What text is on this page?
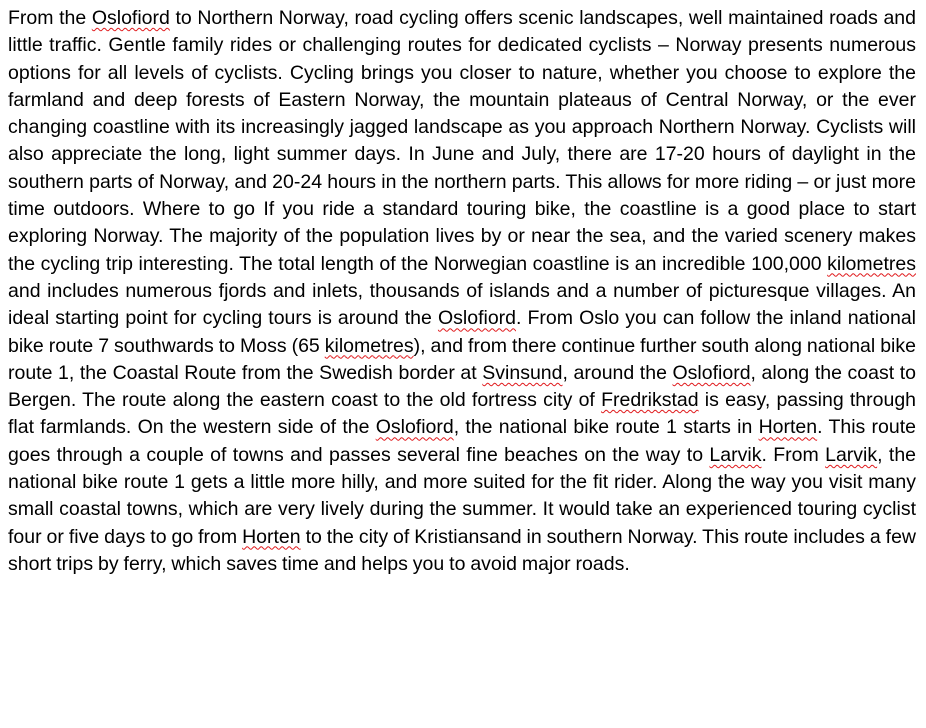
From the Oslofiord to Northern Norway, road cycling offers scenic landscapes, well maintained roads and little traffic. Gentle family rides or challenging routes for dedicated cyclists – Norway presents numerous options for all levels of cyclists. Cycling brings you closer to nature, whether you choose to explore the farmland and deep forests of Eastern Norway, the mountain plateaus of Central Norway, or the ever changing coastline with its increasingly jagged landscape as you approach Northern Norway. Cyclists will also appreciate the long, light summer days. In June and July, there are 17-20 hours of daylight in the southern parts of Norway, and 20-24 hours in the northern parts. This allows for more riding – or just more time outdoors. Where to go If you ride a standard touring bike, the coastline is a good place to start exploring Norway. The majority of the population lives by or near the sea, and the varied scenery makes the cycling trip interesting. The total length of the Norwegian coastline is an incredible 100,000 kilometres and includes numerous fjords and inlets, thousands of islands and a number of picturesque villages. An ideal starting point for cycling tours is around the Oslofiord. From Oslo you can follow the inland national bike route 7 southwards to Moss (65 kilometres), and from there continue further south along national bike route 1, the Coastal Route from the Swedish border at Svinsund, around the Oslofiord, along the coast to Bergen. The route along the eastern coast to the old fortress city of Fredrikstad is easy, passing through flat farmlands. On the western side of the Oslofiord, the national bike route 1 starts in Horten. This route goes through a couple of towns and passes several fine beaches on the way to Larvik. From Larvik, the national bike route 1 gets a little more hilly, and more suited for the fit rider. Along the way you visit many small coastal towns, which are very lively during the summer. It would take an experienced touring cyclist four or five days to go from Horten to the city of Kristiansand in southern Norway. This route includes a few short trips by ferry, which saves time and helps you to avoid major roads.
